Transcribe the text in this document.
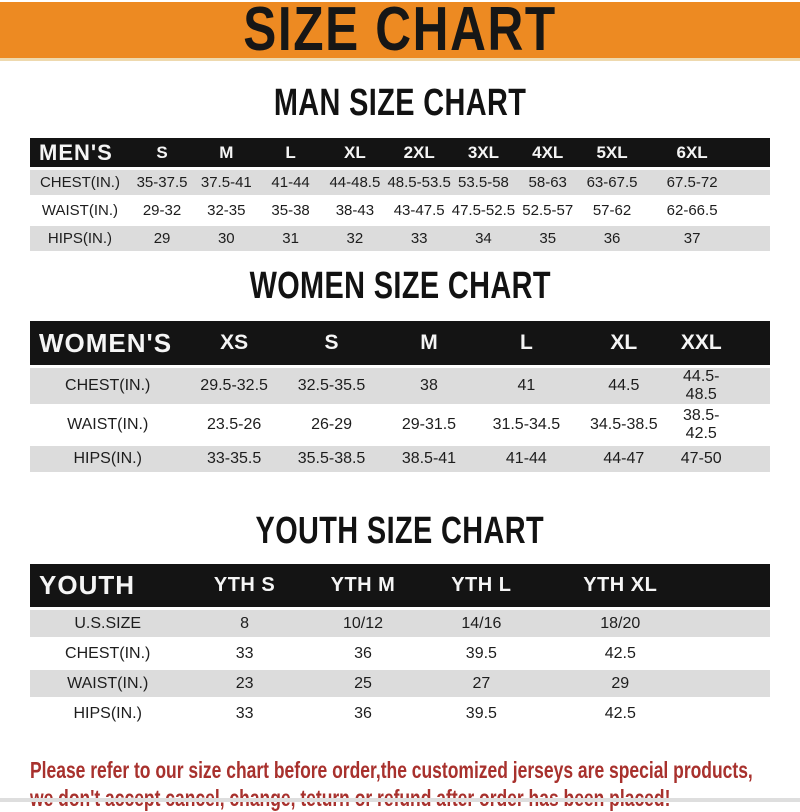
SIZE CHART
MAN SIZE CHART
MEN'S	S	M	L	XL	2XL	3XL	4XL	5XL	6XL
CHEST(IN.)	35-37.5	37.5-41	41-44	44-48.5	48.5-53.5	53.5-58	58-63	63-67.5	67.5-72
WAIST(IN.)	29-32	32-35	35-38	38-43	43-47.5	47.5-52.5	52.5-57	57-62	62-66.5
HIPS(IN.)	29	30	31	32	33	34	35	36	37
WOMEN SIZE CHART
WOMEN'S	XS	S	M	L	XL	XXL
CHEST(IN.)	29.5-32.5	32.5-35.5	38	41	44.5	44.5-48.5
WAIST(IN.)	23.5-26	26-29	29-31.5	31.5-34.5	34.5-38.5	38.5-42.5
HIPS(IN.)	33-35.5	35.5-38.5	38.5-41	41-44	44-47	47-50
YOUTH SIZE CHART
YOUTH	YTH S	YTH M	YTH L	YTH XL
U.S.SIZE	8	10/12	14/16	18/20
CHEST(IN.)	33	36	39.5	42.5
WAIST(IN.)	23	25	27	29
HIPS(IN.)	33	36	39.5	42.5
Please refer to our size chart before order,the customized jerseys are special products,
